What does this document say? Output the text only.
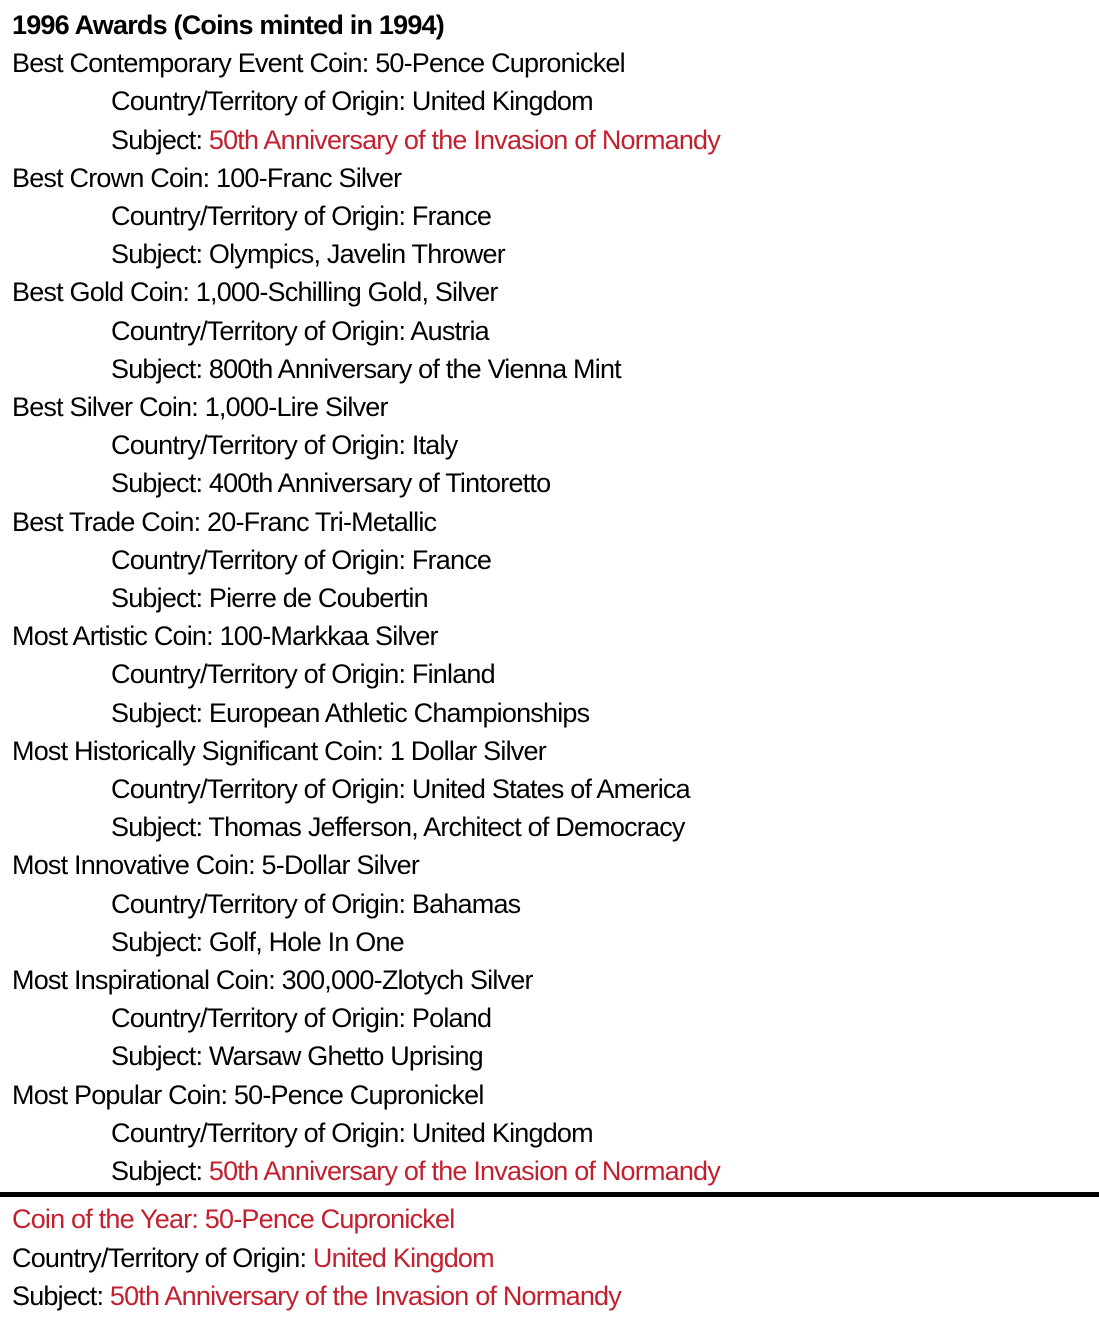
1996 Awards (Coins minted in 1994)
Best Contemporary Event Coin: 50-Pence Cupronickel
Country/Territory of Origin: United Kingdom
Subject: 50th Anniversary of the Invasion of Normandy
Best Crown Coin: 100-Franc Silver
Country/Territory of Origin: France
Subject: Olympics, Javelin Thrower
Best Gold Coin: 1,000-Schilling Gold, Silver
Country/Territory of Origin: Austria
Subject: 800th Anniversary of the Vienna Mint
Best Silver Coin: 1,000-Lire Silver
Country/Territory of Origin: Italy
Subject: 400th Anniversary of Tintoretto
Best Trade Coin: 20-Franc Tri-Metallic
Country/Territory of Origin: France
Subject: Pierre de Coubertin
Most Artistic Coin: 100-Markkaa Silver
Country/Territory of Origin: Finland
Subject: European Athletic Championships
Most Historically Significant Coin: 1 Dollar Silver
Country/Territory of Origin: United States of America
Subject: Thomas Jefferson, Architect of Democracy
Most Innovative Coin: 5-Dollar Silver
Country/Territory of Origin: Bahamas
Subject: Golf, Hole In One
Most Inspirational Coin: 300,000-Zlotych Silver
Country/Territory of Origin: Poland
Subject: Warsaw Ghetto Uprising
Most Popular Coin: 50-Pence Cupronickel
Country/Territory of Origin: United Kingdom
Subject: 50th Anniversary of the Invasion of Normandy
Coin of the Year: 50-Pence Cupronickel
Country/Territory of Origin: United Kingdom
Subject: 50th Anniversary of the Invasion of Normandy
